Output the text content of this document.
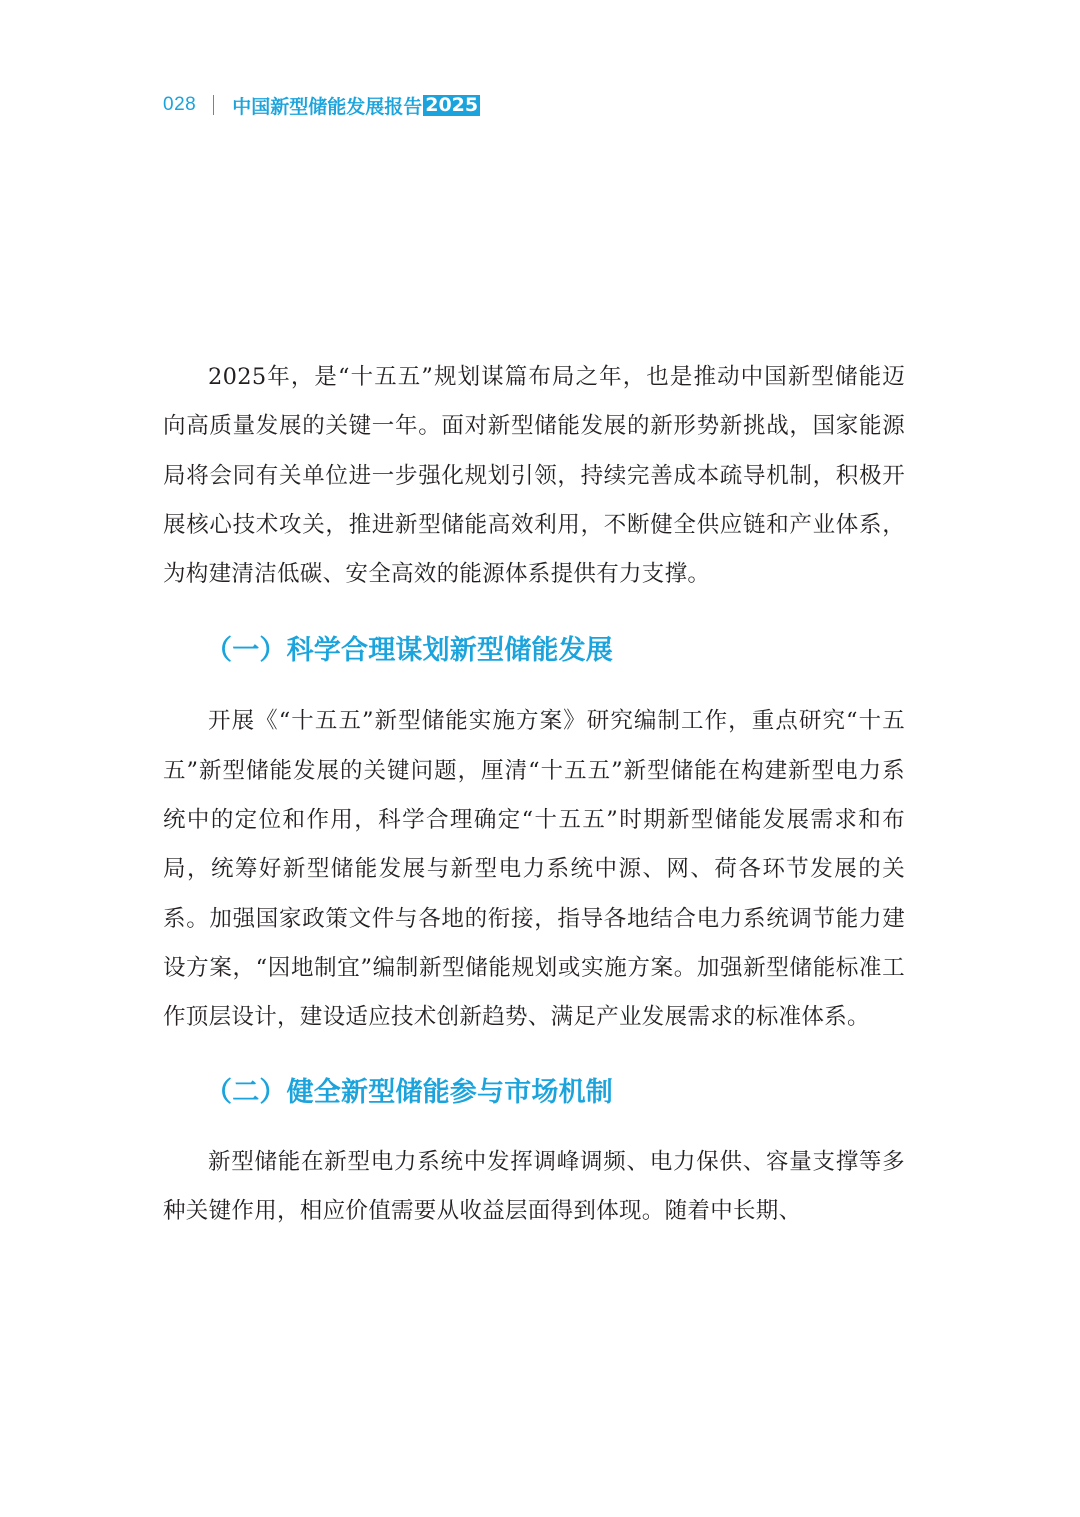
028 中国新型储能发展报告 2025

2025年，是“十五五”规划谋篇布局之年，也是推动中国新型储能迈向高质量发展的关键一年。面对新型储能发展的新形势新挑战，国家能源局将会同有关单位进一步强化规划引领，持续完善成本疏导机制，积极开展核心技术攻关，推进新型储能高效利用，不断健全供应链和产业体系，为构建清洁低碳、安全高效的能源体系提供有力支撑。

（一）科学合理谋划新型储能发展

开展《“十五五”新型储能实施方案》研究编制工作，重点研究“十五五”新型储能发展的关键问题，厘清“十五五”新型储能在构建新型电力系统中的定位和作用，科学合理确定“十五五”时期新型储能发展需求和布局，统筹好新型储能发展与新型电力系统中源、网、荷各环节发展的关系。加强国家政策文件与各地的衔接，指导各地结合电力系统调节能力建设方案，“因地制宜”编制新型储能规划或实施方案。加强新型储能标准工作顶层设计，建设适应技术创新趋势、满足产业发展需求的标准体系。

（二）健全新型储能参与市场机制

新型储能在新型电力系统中发挥调峰调频、电力保供、容量支撑等多种关键作用，相应价值需要从收益层面得到体现。随着中长期、
